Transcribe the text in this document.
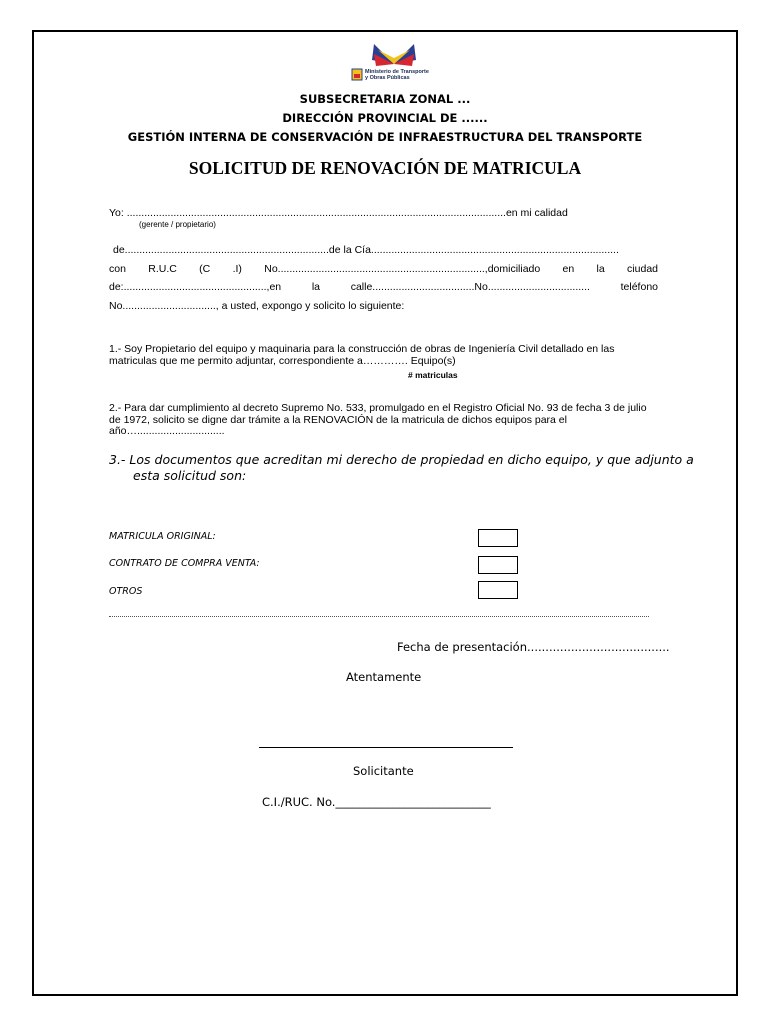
Ministerio de Transporte
y Obras Públicas
SUBSECRETARIA ZONAL ...
DIRECCIÓN PROVINCIAL DE ......
GESTIÓN INTERNA DE CONSERVACIÓN DE INFRAESTRUCTURA DEL TRANSPORTE
SOLICITUD DE RENOVACIÓN DE MATRICULA
Yo: ..................................................................................................................................en mi calidad
(gerente / propietario)
de......................................................................de la Cía.....................................................................................
con R.U.C (C .I) No.......................................................................,domiciliado en la ciudad
de:.................................................,en la calle...................................No................................... teléfono
No................................, a usted, expongo y solicito lo siguiente:
1.- Soy Propietario del equipo y maquinaria para la construcción de obras de Ingeniería Civil detallado en las matriculas que me permito adjuntar, correspondiente a…………. Equipo(s)
# matriculas
2.- Para dar cumplimiento al decreto Supremo No. 533, promulgado en el Registro Oficial No. 93 de fecha 3 de julio de 1972, solicito se digne dar trámite a la RENOVACIÓN de la matricula de dichos equipos para el año…..............................
3.- Los documentos que acreditan mi derecho de propiedad en dicho equipo, y que adjunto a
esta solicitud son:
MATRICULA ORIGINAL:
CONTRATO DE COMPRA VENTA:
OTROS
Fecha de presentación.......................................
Atentamente
Solicitante
C.I./RUC. No.___________________________
